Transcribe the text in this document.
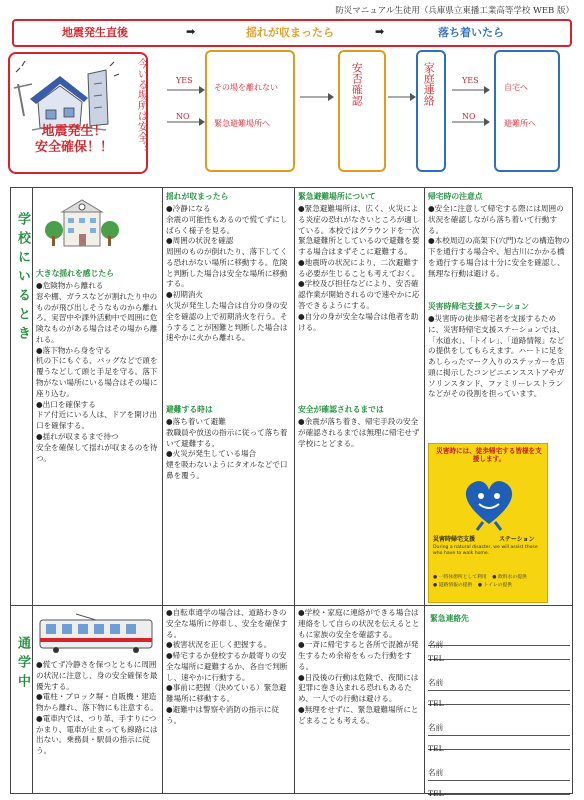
防災マニュアル生徒用（兵庫県立東播工業高等学校 WEB 版）
地震発生直後	➡	揺れが収まったら	➡	落ち着いたら
地震発生！
安全確保！！	今いる場所は安全？	YES
NO
その場を離れない
緊急避難場所へ
安否確認	家庭連絡	YES
NO
自宅へ
避難所へ
学校にいるとき
通学中
大きな揺れを感じたら
●危険物から離れる
窓や棚、ガラスなどが割れたり中のものが飛び出しそうなものから離れろ。実習中や課外活動中で周囲に危険なものがある場合はその場から離れる。
●落下物から身を守る
机の下にもぐる、バッグなどで頭を覆うなどして頭と手足を守る。落下物がない場所にいる場合はその場に座り込む。
●出口を確保する
ドア付近にいる人は、ドアを開け出口を確保する。
●揺れが収まるまで待つ
安全を確保して揺れが収まるのを待つ。
揺れが収まったら
●冷静になる
余震の可能性もあるので慌てずにしばらく様子を見る。
●周囲の状況を確認
周囲のものが倒れたり、落下してくる恐れがない場所に移動する。危険と判断した場合は安全な場所に移動する。
●初期消火
火災が発生した場合は自分の身の安全を確認の上で初期消火を行う。そうすることが困難と判断した場合は速やかに火から離れる。
避難する時は
●落ち着いて避難
教職員や放送の指示に従って落ち着いて避難する。
●火災が発生している場合
煙を吸わないようにタオルなどで口鼻を覆う。
緊急避難場所について
●緊急避難場所は、広く、火災による炎症の恐れがなさいところが適している。本校ではグラウンドを一次緊急避難所としているので避難を要する場合はまずそこに避難する。
●地震時の状況により、二次避難する必要が生じることも考えておく。
●学校及び担任などにより、安否確認作業が開始されるので速やかに応答できるようにする。
●自分の身が安全な場合は他者を助ける。
安全が確認されるまでは
●余震が落ち着き、帰宅手段の安全が確認されるまでは無理に帰宅せず学校にとどまる。
帰宅時の注意点
●安全に注意して帰宅する際には周囲の状況を確認しながら落ち着いて行動する。
●本校周辺の高架下(穴門)などの構造物の下を通行する場合や、旭古川にかかる橋を通行する場合は十分に安全を確認し、無理な行動は避ける。
災害時帰宅支援ステーション
●災害時の徒歩帰宅者を支援するために、災害時帰宅支援ステーションでは、「水道水」、「トイレ」、「道路情報」などの提供をしてもらえます。ハートに足をあしらったマーク入りのステッカーを店頭に掲示したコンビニエンスストアやガソリンスタンド、ファミリーレストランなどがその役割を担っています。
災害時には、徒歩帰宅する皆様を支援します。
災害時帰宅支援	ステーション
During a natural disaster, we will assist those who have to walk home.
● 一時休憩所として利用 ● 飲料水の提供
● 道路情報の提供 ● トイレの提供
●慌てず冷静さを保つとともに周囲の状況に注意し、身の安全確保を最優先する。
●電柱・ブロック塀・自販機・建造物から離れ、落下物にも注意する。
●電車内では、つり革、手すりにつかまり、電車が止まっても線路には出ない。乗務員・駅員の指示に従う。
●自転車通学の場合は、道路わきの安全な場所に停車し、安全を確保する。
●被害状況を正しく把握する。
●帰宅するか登校するか最寄りの安全な場所に避難するか、各自で判断し、速やかに行動する。
●事前に把握（決めている）緊急避難場所に移動する。
●避難中は警察や消防の指示に従う。
●学校・家庭に連絡ができる場合は連絡をして自らの状況を伝えるとともに家族の安全を確認する。
●一斉に帰宅すると各所で混雑が発生するため余裕をもった行動をする。
●日没後の行動は危険で、夜間には犯罪に巻き込まれる恐れもあるため、一人での行動は避ける。
●無理をせずに、緊急避難場所にとどまることも考える。
緊急連絡先
名前
TEL
名前
TEL
名前
TEL
名前
TEL
